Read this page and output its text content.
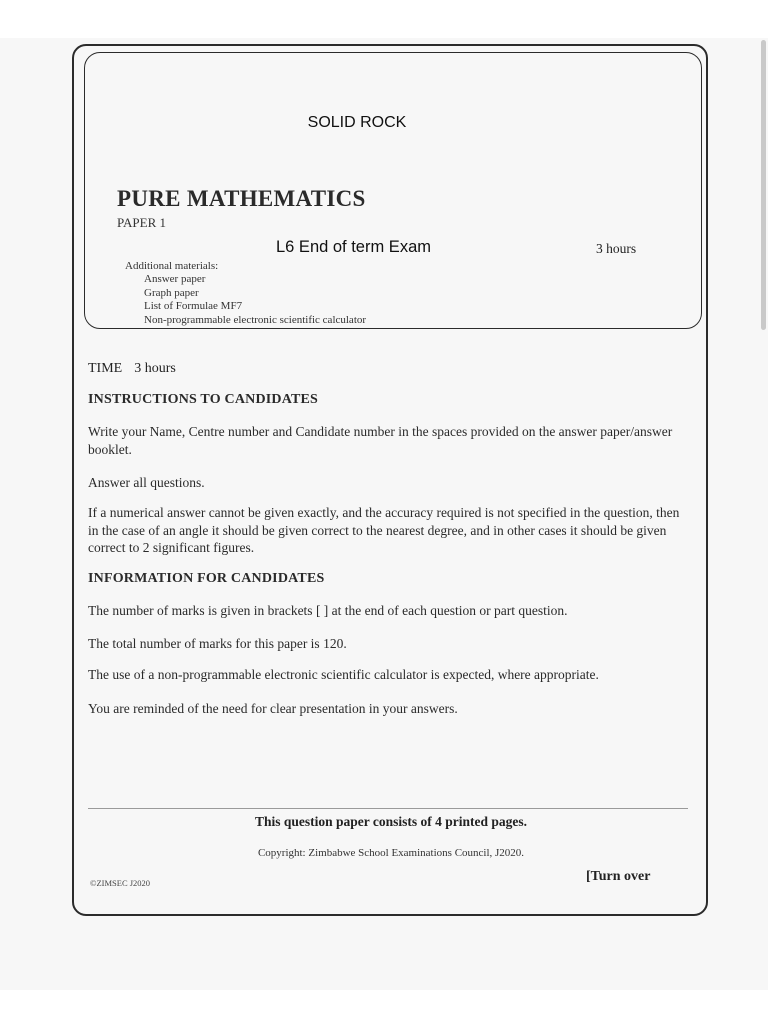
SOLID ROCK
PURE MATHEMATICS
PAPER 1
L6 End of term Exam	3 hours
Additional materials:
Answer paper
Graph paper
List of Formulae MF7
Non-programmable electronic scientific calculator
TIME 3 hours
INSTRUCTIONS TO CANDIDATES
Write your Name, Centre number and Candidate number in the spaces provided on the answer paper/answer booklet.
Answer all questions.
If a numerical answer cannot be given exactly, and the accuracy required is not specified in the question, then in the case of an angle it should be given correct to the nearest degree, and in other cases it should be given correct to 2 significant figures.
INFORMATION FOR CANDIDATES
The number of marks is given in brackets [ ] at the end of each question or part question.
The total number of marks for this paper is 120.
The use of a non-programmable electronic scientific calculator is expected, where appropriate.
You are reminded of the need for clear presentation in your answers.
This question paper consists of 4 printed pages.
Copyright: Zimbabwe School Examinations Council, J2020.
©ZIMSEC J2020	[Turn over
